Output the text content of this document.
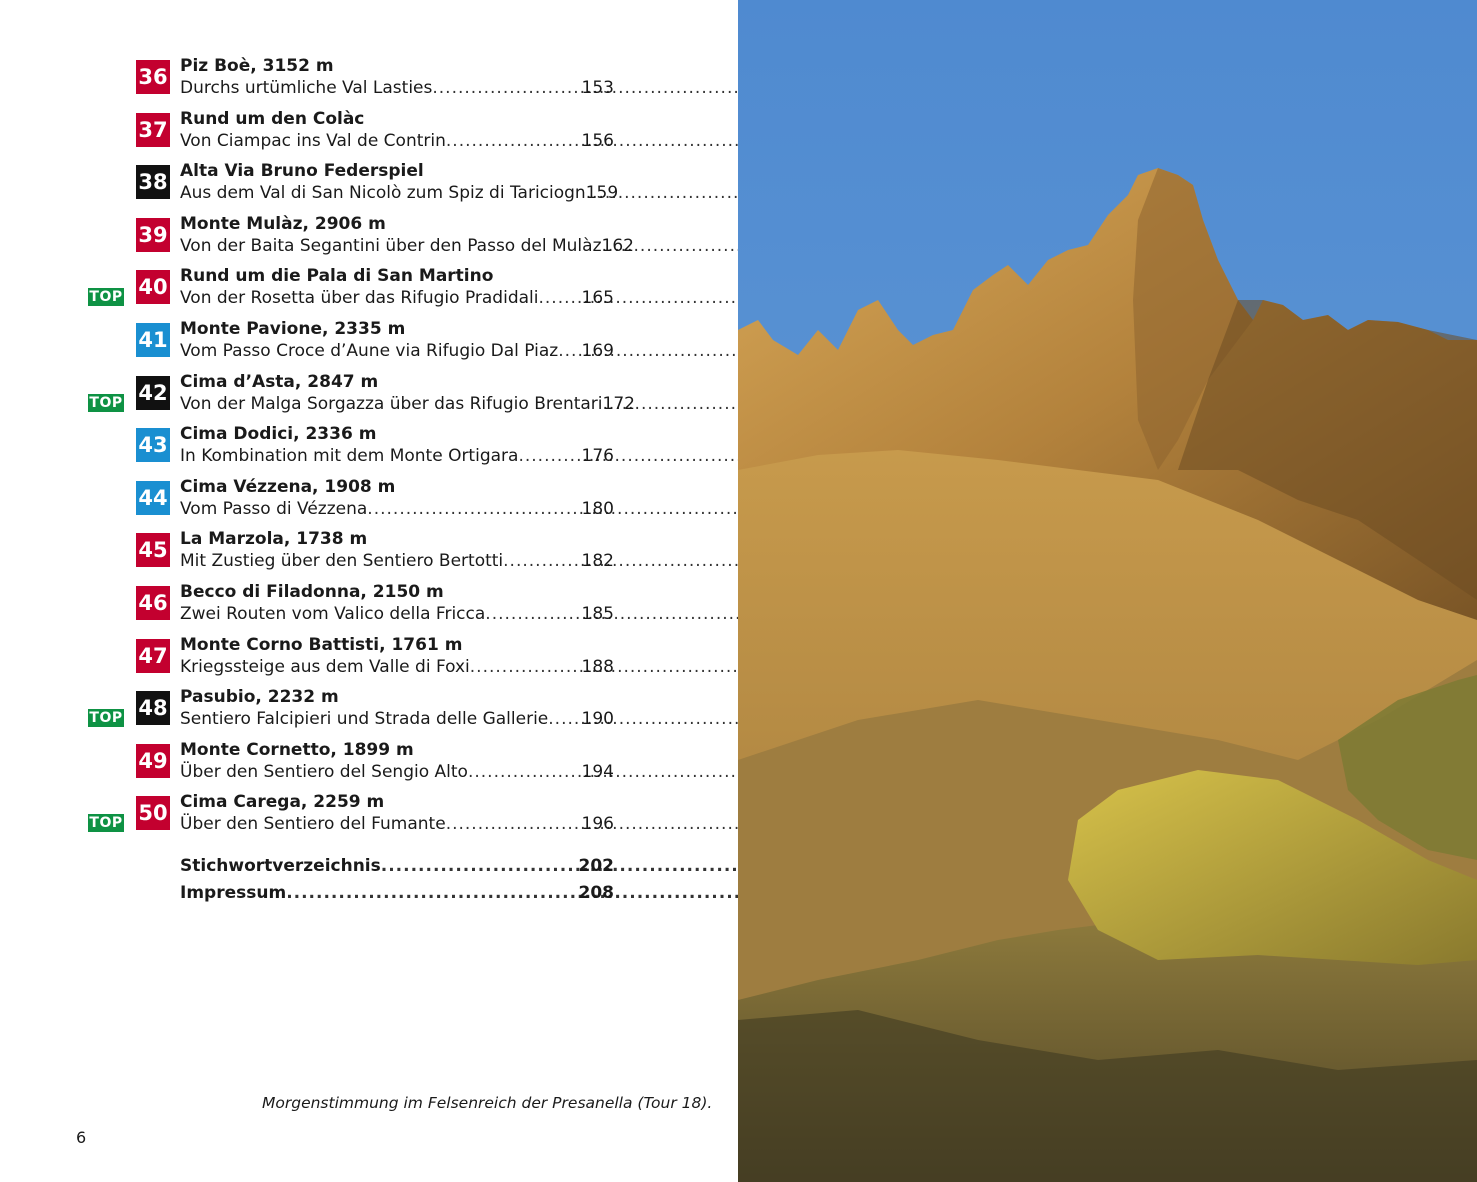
36 Piz Boè, 3152 m
Durchs urtümliche Val Lasties .....	153
37 Rund um den Colàc
Von Ciampac ins Val de Contrin .....	156
38 Alta Via Bruno Federspiel
Aus dem Val di San Nicolò zum Spiz di Tariciogn 159
39 Monte Mulàz, 2906 m
Von der Baita Segantini über den Passo del Mulàz 162
TOP 40 Rund um die Pala di San Martino
Von der Rosetta über das Rifugio Pradidali .....	165
41 Monte Pavione, 2335 m
Vom Passo Croce d’Aune via Rifugio Dal Piaz ..... 169
TOP 42 Cima d’Asta, 2847 m
Von der Malga Sorgazza über das Rifugio Brentari 172
43 Cima Dodici, 2336 m
In Kombination mit dem Monte Ortigara .....	176
44 Cima Vézzena, 1908 m
Vom Passo di Vézzena .....	180
45 La Marzola, 1738 m
Mit Zustieg über den Sentiero Bertotti .....	182
46 Becco di Filadonna, 2150 m
Zwei Routen vom Valico della Fricca .....	185
47 Monte Corno Battisti, 1761 m
Kriegssteige aus dem Valle di Foxi .....	188
TOP 48 Pasubio, 2232 m
Sentiero Falcipieri und Strada delle Gallerie ..... 190
49 Monte Cornetto, 1899 m
Über den Sentiero del Sengio Alto .....	194
TOP 50 Cima Carega, 2259 m
Über den Sentiero del Fumante .....	196
Stichwortverzeichnis .....	202
Impressum .....	208
Morgenstimmung im Felsenreich der Presanella (Tour 18).
6
